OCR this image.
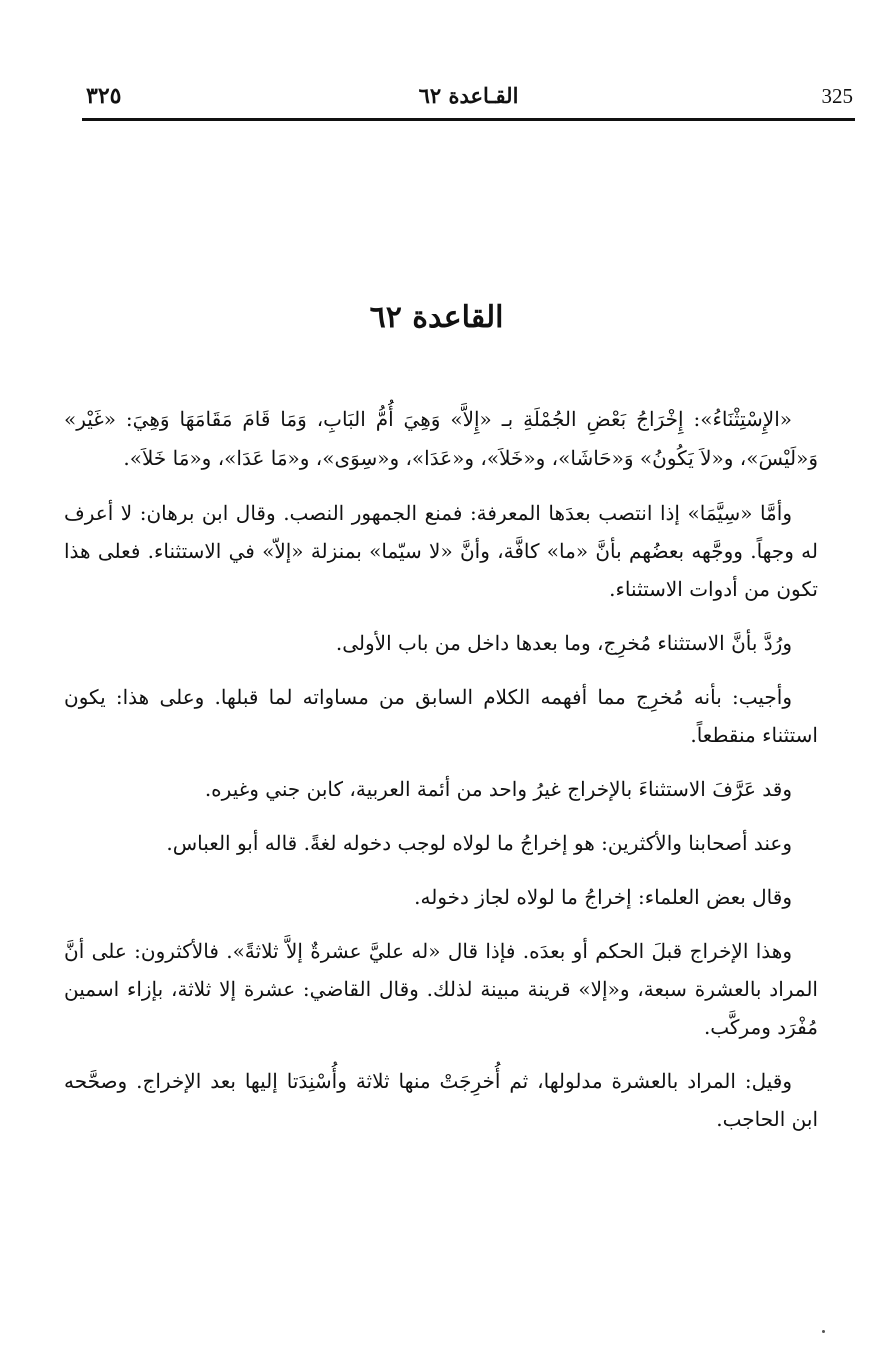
٣٢٥	القـاعدة ٦٢	325
القاعدة ٦٢

«الإِسْتِثْنَاءُ»: إِخْرَاجُ بَعْضِ الجُمْلَةِ بـ «إِلاَّ» وَهِيَ أُمُّ البَابِ، وَمَا قَامَ مَقَامَهَا وَهِيَ: «غَيْر» وَ«لَيْسَ»، و«لاَ يَكُونُ» وَ«حَاشَا»، و«خَلاَ»، و«عَدَا»، و«سِوَى»، و«مَا عَدَا»، و«مَا خَلاَ».

وأمَّا «سِيَّمَا» إذا انتصب بعدَها المعرفة: فمنع الجمهور النصب. وقال ابن برهان: لا أعرف له وجهاً. ووجَّهه بعضُهم بأنَّ «ما» كافَّة، وأنَّ «لا سيّما» بمنزلة «إلاّ» في الاستثناء. فعلى هذا تكون من أدوات الاستثناء.

ورُدَّ بأنَّ الاستثناء مُخرِج، وما بعدها داخل من باب الأولى.

وأجيب: بأنه مُخرِج مما أفهمه الكلام السابق من مساواته لما قبلها. وعلى هذا: يكون استثناء منقطعاً.

وقد عَرَّفَ الاستثناءَ بالإخراج غيرُ واحد من أئمة العربية، كابن جني وغيره.

وعند أصحابنا والأكثرين: هو إخراجُ ما لولاه لوجب دخوله لغةً. قاله أبو العباس.

وقال بعض العلماء: إخراجُ ما لولاه لجاز دخوله.

وهذا الإخراج قبلَ الحكم أو بعدَه. فإذا قال «له عليَّ عشرةٌ إلاَّ ثلاثةً». فالأكثرون: على أنَّ المراد بالعشرة سبعة، و«إلا» قرينة مبينة لذلك. وقال القاضي: عشرة إلا ثلاثة، بإزاء اسمين مُفْرَد ومركَّب.

وقيل: المراد بالعشرة مدلولها، ثم أُخرِجَتْ منها ثلاثة وأُسْنِدَتا إليها بعد الإخراج. وصحَّحه ابن الحاجب.
